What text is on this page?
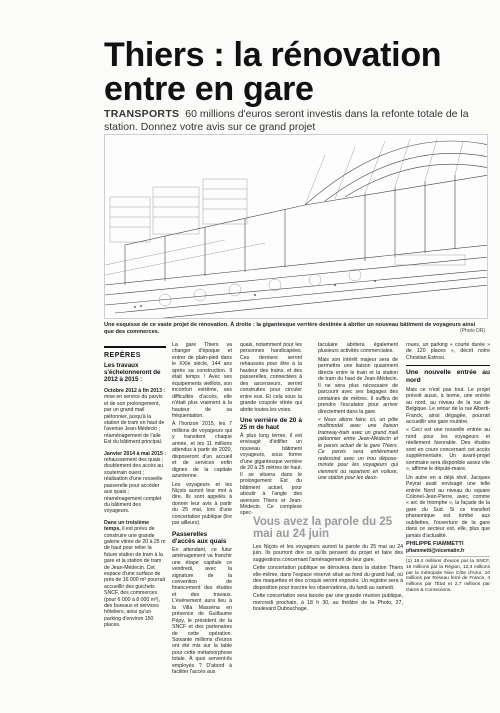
Thiers : la rénovation entre en gare
TRANSPORTS 60 millions d'euros seront investis dans la refonte totale de la station. Donnez votre avis sur ce grand projet
Une esquisse de ce vaste projet de rénovation. À droite : la gigantesque verrière destinée à abriter un nouveau bâtiment de voyageurs ainsi que des commerces.	(Photo DR)
REPÈRES
Les travaux s'échelonneront de 2012 à 2015 :
Octobre 2012 à fin 2013 : mise en service du parvis et de son prolongement, par un grand mail piétonnier, jusqu'à la station de tram en haut de l'avenue Jean-Médecin ; réaménagement de l'aile Est du bâtiment principal.
Janvier 2014 à mai 2015 : rehaussement des quais ; doublement des accès au souterrain ouest ; réalisation d'une nouvelle passerelle pour accéder aux quais ; réaménagement complet du bâtiment des voyageurs.
Dans un troisième temps, il est prévu de construire une grande galerie vitrée de 20 à 25 m de haut pour relier la future station de tram à la gare et la station de tram de Jean-Médecin. Cet espace d'une surface de près de 16 000 m² pourrait accueillir des guichets SNCF, des commerces (pour 6 000 à 8 000 m²), des bureaux et services hôteliers, ainsi qu'un parking d'environ 150 places.

La gare Thiers va changer d'époque et entrer de plain-pied dans le XXIe siècle, 144 ans après sa construction. Il était temps ! Avec ses équipements vieillots, son inconfort extrême, ses difficultés d'accès, elle n'était plus vraiment à la hauteur de sa fréquentation.

À l'horizon 2015, les 7 millions de voyageurs qui y transitent chaque année, et les 11 millions attendus à partir de 2020, disposeront d'un accueil et de services enfin dignes de la capitale azuréenne.

Les voyageurs et les Niçois auront leur mot à dire. Ils sont appelés à donner leur avis à partir du 25 mai, lors d'une concertation publique (lire par ailleurs).

Passerelles d'accès aux quais

En attendant, ce futur aménagement va franchir une étape capitale ce vendredi, avec la signature de la convention de financement des études et des travaux. L'événement aura lieu à la Villa Masséna en présence de Guillaume Pépy, le président de la SNCF et des partenaires de cette opération. Soixante millions d'euros ont été mis sur la table pour cette métamorphose totale. À quoi servent-ils employés ? D'abord à faciliter l'accès aux

quais, notamment pour les personnes handicapées. Ces derniers seront rehaussés pour être à la hauteur des trains, et des passerelles, connectées à des ascenseurs, seront construites pour circuler entre eux. Et cela sous la grande coupole vitrée qui abrite toutes les voies.

Une verrière de 20 à 25 m de haut

À plus long terme, il est envisagé d'édifier un nouveau bâtiment voyageurs, sous forme d'une gigantesque verrière de 20 à 25 mètres de haut. Il se situera dans le prolongement Est du bâtiment actuel, pour aboutir à l'angle des avenues Thiers et Jean-Médecin. Ce complexe spec-

taculaire abritera également plusieurs activités commerciales.

Mais son intérêt majeur sera de permettre une liaison quasiment directe entre le train et la station de tram du haut de Jean-Médecin. Il ne sera plus nécessaire de parcourir avec ses bagages des centaines de mètres. Il suffira de prendre l'escalator pour arriver directement dans la gare.

« Nous allons faire, ici, un pôle multimodal avec une liaison tramway-train avec un grand mail piétonnier entre Jean-Médecin et le parvis actuel de la gare Thiers. Ce parvis sera entièrement redessiné avec un trou dépose-minute pour les voyageurs qui viennent ou repartent en voiture, une station pour les deux-

Vous avez la parole du 25 mai au 24 juin

Les Niçois et les voyageurs auront la parole du 25 mai au 24 juin. Ils pourront dire ce qu'ils pensent du projet et faire des suggestions concernant l'aménagement de leur gare.

Cette concertation publique se déroulera dans la station Thiers elle-même, dans l'espace réservé situé au fond du grand hall, où des maquettes et des croquis seront exposés. Un registre sera à disposition pour inscrire les observations, du lundi au samedi.

Cette concertation sera lancée par une grande réunion publique, mercredi prochain, à 18 h 30, au théâtre de la Photo, 27, boulevard Dubouchage.

roues, un parking « courte durée » de 120 places », décrit notre Christian Estrosi.

Une nouvelle entrée au nord

Mais ce n'est pas tout. Le projet prévoit aussi, à terme, une entrée au nord, au niveau de la rue de Belgique. Le retour de la rue Alberti-Franck, ainsi dégagée, pourrait accueillir une gare routière.

« Ceci est une nouvelle entrée au nord pour les voyageurs et réellement favorable. Des études sont en cours concernant cet accès supplémentaire. Un avant-projet sommaire sera disponible assez vite », affirme le député-maire.

Un autre en a déjà rêvé. Jacques Peyrat avait envisagé une telle entrée Nord au niveau du square Colonel-Jean-Pierre, avec, comme « arc de triomphe », la façade de la gare du Sud. Si ce transfert pharaonique est tombé aux oubliettes, l'ouverture de la gare dans ce secteur est, elle, plus que jamais d'actualité.

PHILIPPE FIAMMETTI
pfiammetti@nicematin.fr
(1) 18,4 millions d'euros par la SNCF, 16 millions par la Région, 12,3 millions par la métropole Nice Côte d'Azur, 10 millions par Réseau ferré de France, 4 millions par l'État et 2,7 millions par Gares & Connexions.
